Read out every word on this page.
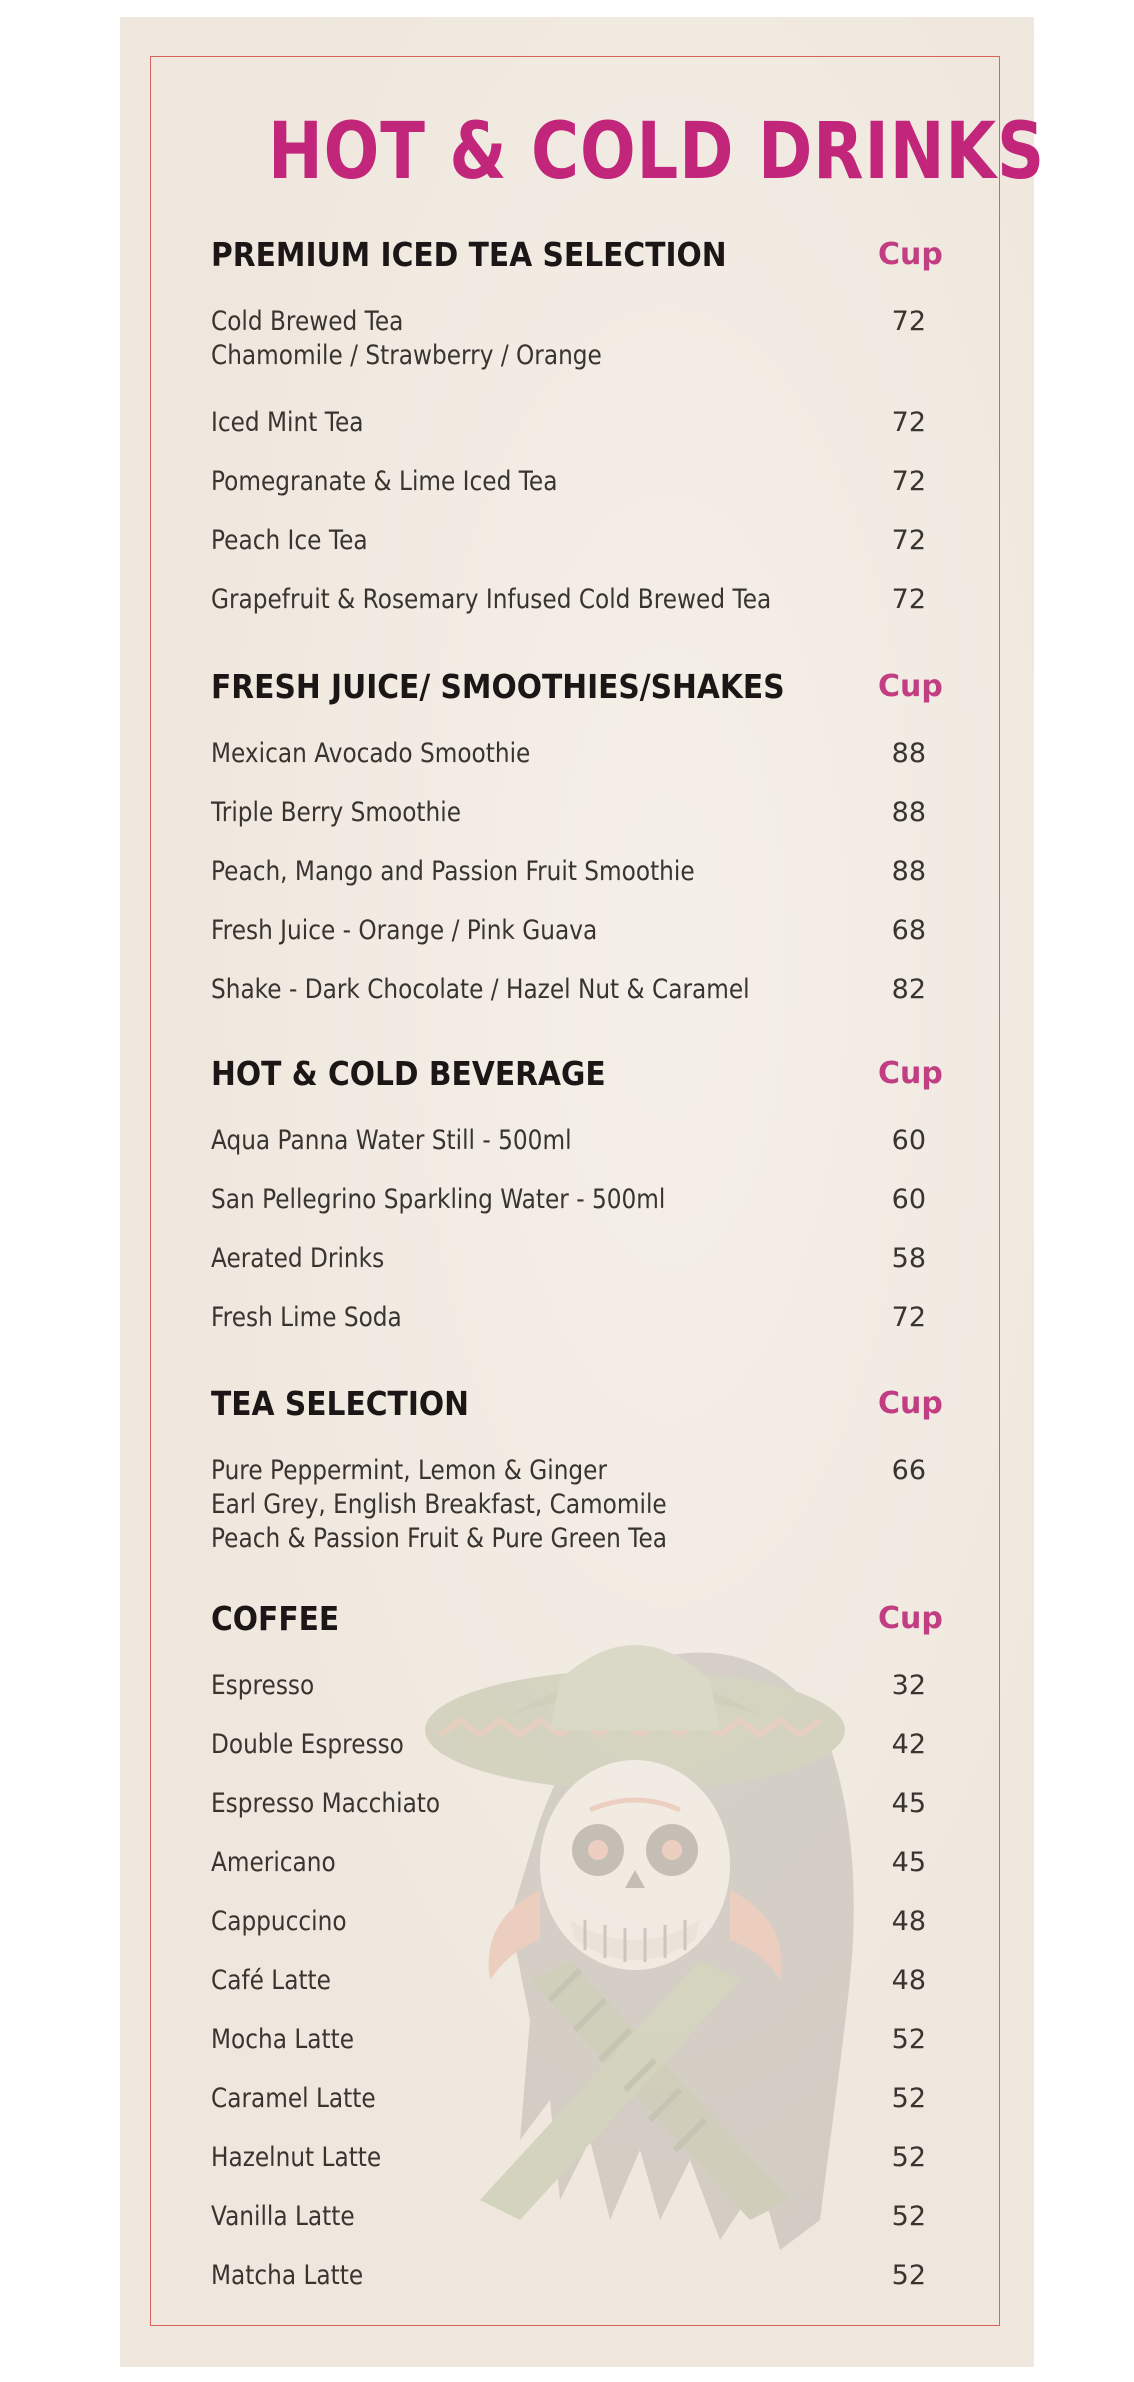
HOT & COLD DRINKS
PREMIUM ICED TEA SELECTION	Cup
Cold Brewed Tea	72
Chamomile / Strawberry / Orange
Iced Mint Tea	72
Pomegranate & Lime Iced Tea	72
Peach Ice Tea	72
Grapefruit & Rosemary Infused Cold Brewed Tea	72
FRESH JUICE/ SMOOTHIES/SHAKES	Cup
Mexican Avocado Smoothie	88
Triple Berry Smoothie	88
Peach, Mango and Passion Fruit Smoothie	88
Fresh Juice - Orange / Pink Guava	68
Shake - Dark Chocolate / Hazel Nut & Caramel	82
HOT & COLD BEVERAGE	Cup
Aqua Panna Water Still - 500ml	60
San Pellegrino Sparkling Water - 500ml	60
Aerated Drinks	58
Fresh Lime Soda	72
TEA SELECTION	Cup
Pure Peppermint, Lemon & Ginger	66
Earl Grey, English Breakfast, Camomile
Peach & Passion Fruit & Pure Green Tea
COFFEE	Cup
Espresso	32
Double Espresso	42
Espresso Macchiato	45
Americano	45
Cappuccino	48
Café Latte	48
Mocha Latte	52
Caramel Latte	52
Hazelnut Latte	52
Vanilla Latte	52
Matcha Latte	52
